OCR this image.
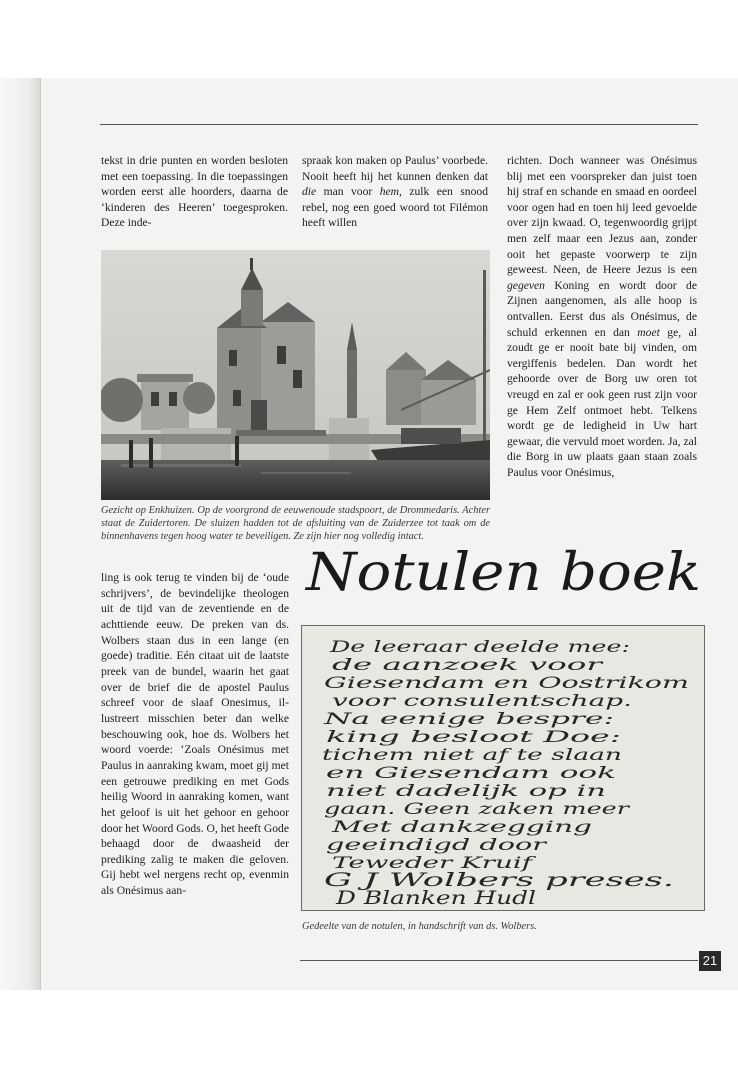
tekst in drie punten en worden besloten met een toepassing. In die toepassingen worden eerst alle hoorders, daarna de ‘kinderen des Heeren’ toegesproken. Deze inde-

spraak kon maken op Paulus’ voorbede. Nooit heeft hij het kunnen denken dat die man voor hem, zulk een snood rebel, nog een goed woord tot Filémon heeft willen

richten. Doch wanneer was Onésimus blij met een voorspreker dan juist toen hij straf en schande en smaad en oordeel voor ogen had en toen hij leed gevoelde over zijn kwaad. O, tegenwoordig grijpt men zelf maar een Jezus aan, zonder ooit het gepaste voorwerp te zijn geweest. Neen, de Heere Jezus is een gegeven Koning en wordt door de Zijnen aangenomen, als alle hoop is ontvallen. Eerst dus als Onésimus, de schuld erkennen en dan moet ge, al zoudt ge er nooit bate bij vinden, om vergiffenis bedelen. Dan wordt het gehoorde over de Borg uw oren tot vreugd en zal er ook geen rust zijn voor ge Hem Zelf ontmoet hebt. Telkens wordt ge de ledigheid in Uw hart gewaar, die vervuld moet worden. Ja, zal die Borg in uw plaats gaan staan zoals Paulus voor Onésimus,

Gezicht op Enkhuizen. Op de voorgrond de eeuwenoude stadspoort, de Drommedaris. Achter staat de Zuidertoren. De sluizen hadden tot de afsluiting van de Zuiderzee tot taak om de binnenhavens tegen hoog water te beveiligen. Ze zijn hier nog volledig intact.

ling is ook terug te vinden bij de ‘oude schrijvers’, de bevindelijke theologen uit de tijd van de zeventiende en de achttiende eeuw. De preken van ds. Wolbers staan dus in een lange (en goede) traditie. Eén citaat uit de laatste preek van de bundel, waarin het gaat over de brief die de apostel Paulus schreef voor de slaaf Onesimus, illustreert misschien beter dan welke beschouwing ook, hoe ds. Wolbers het woord voerde: ‘Zoals Onésimus met Paulus in aanraking kwam, moet gij met een getrouwe prediking en met Gods heilig Woord in aanraking komen, want het geloof is uit het gehoor en gehoor door het Woord Gods. O, het heeft Gode behaagd door de dwaasheid der prediking zalig te maken die geloven. Gij hebt wel nergens recht op, evenmin als Onésimus aan-

Notulen boek
De leeraar deelde mee:
de aanzoek voor
Giesendam en Oostrikom
voor consulentschap.
Na eenige bespre:
king besloot Doe:
tichem niet af te slaan
en Giesendam ook
niet dadelijk op in
gaan. Geen zaken meer
Met dankzegging
geeindigd door
Teweder Kruif
G J Wolbers preses.
D Blanken Hudl

Gedeelte van de notulen, in handschrift van ds. Wolbers.

21
